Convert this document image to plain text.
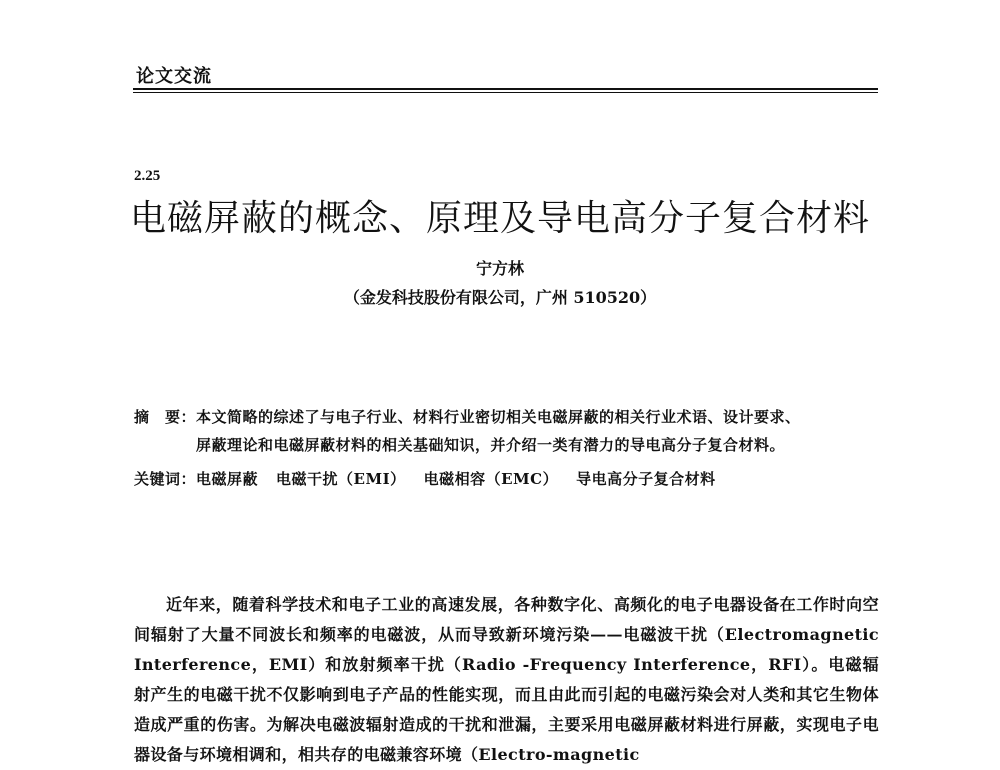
论文交流
2.25
电磁屏蔽的概念、原理及导电高分子复合材料
宁方林
（金发科技股份有限公司，广州 510520）
摘　要：本文简略的综述了与电子行业、材料行业密切相关电磁屏蔽的相关行业术语、设计要求、
屏蔽理论和电磁屏蔽材料的相关基础知识，并介绍一类有潜力的导电高分子复合材料。
关键词：电磁屏蔽 电磁干扰（EMI） 电磁相容（EMC） 导电高分子复合材料

近年来，随着科学技术和电子工业的高速发展，各种数字化、高频化的电子电器设备在工作时向空间辐射了大量不同波长和频率的电磁波，从而导致新环境污染——电磁波干扰（Electromagnetic Interference，EMI）和放射频率干扰（Radio -Frequency Interference，RFI）。电磁辐射产生的电磁干扰不仅影响到电子产品的性能实现，而且由此而引起的电磁污染会对人类和其它生物体造成严重的伤害。为解决电磁波辐射造成的干扰和泄漏，主要采用电磁屏蔽材料进行屏蔽，实现电子电器设备与环境相调和，相共存的电磁兼容环境（Electro-magnetic
